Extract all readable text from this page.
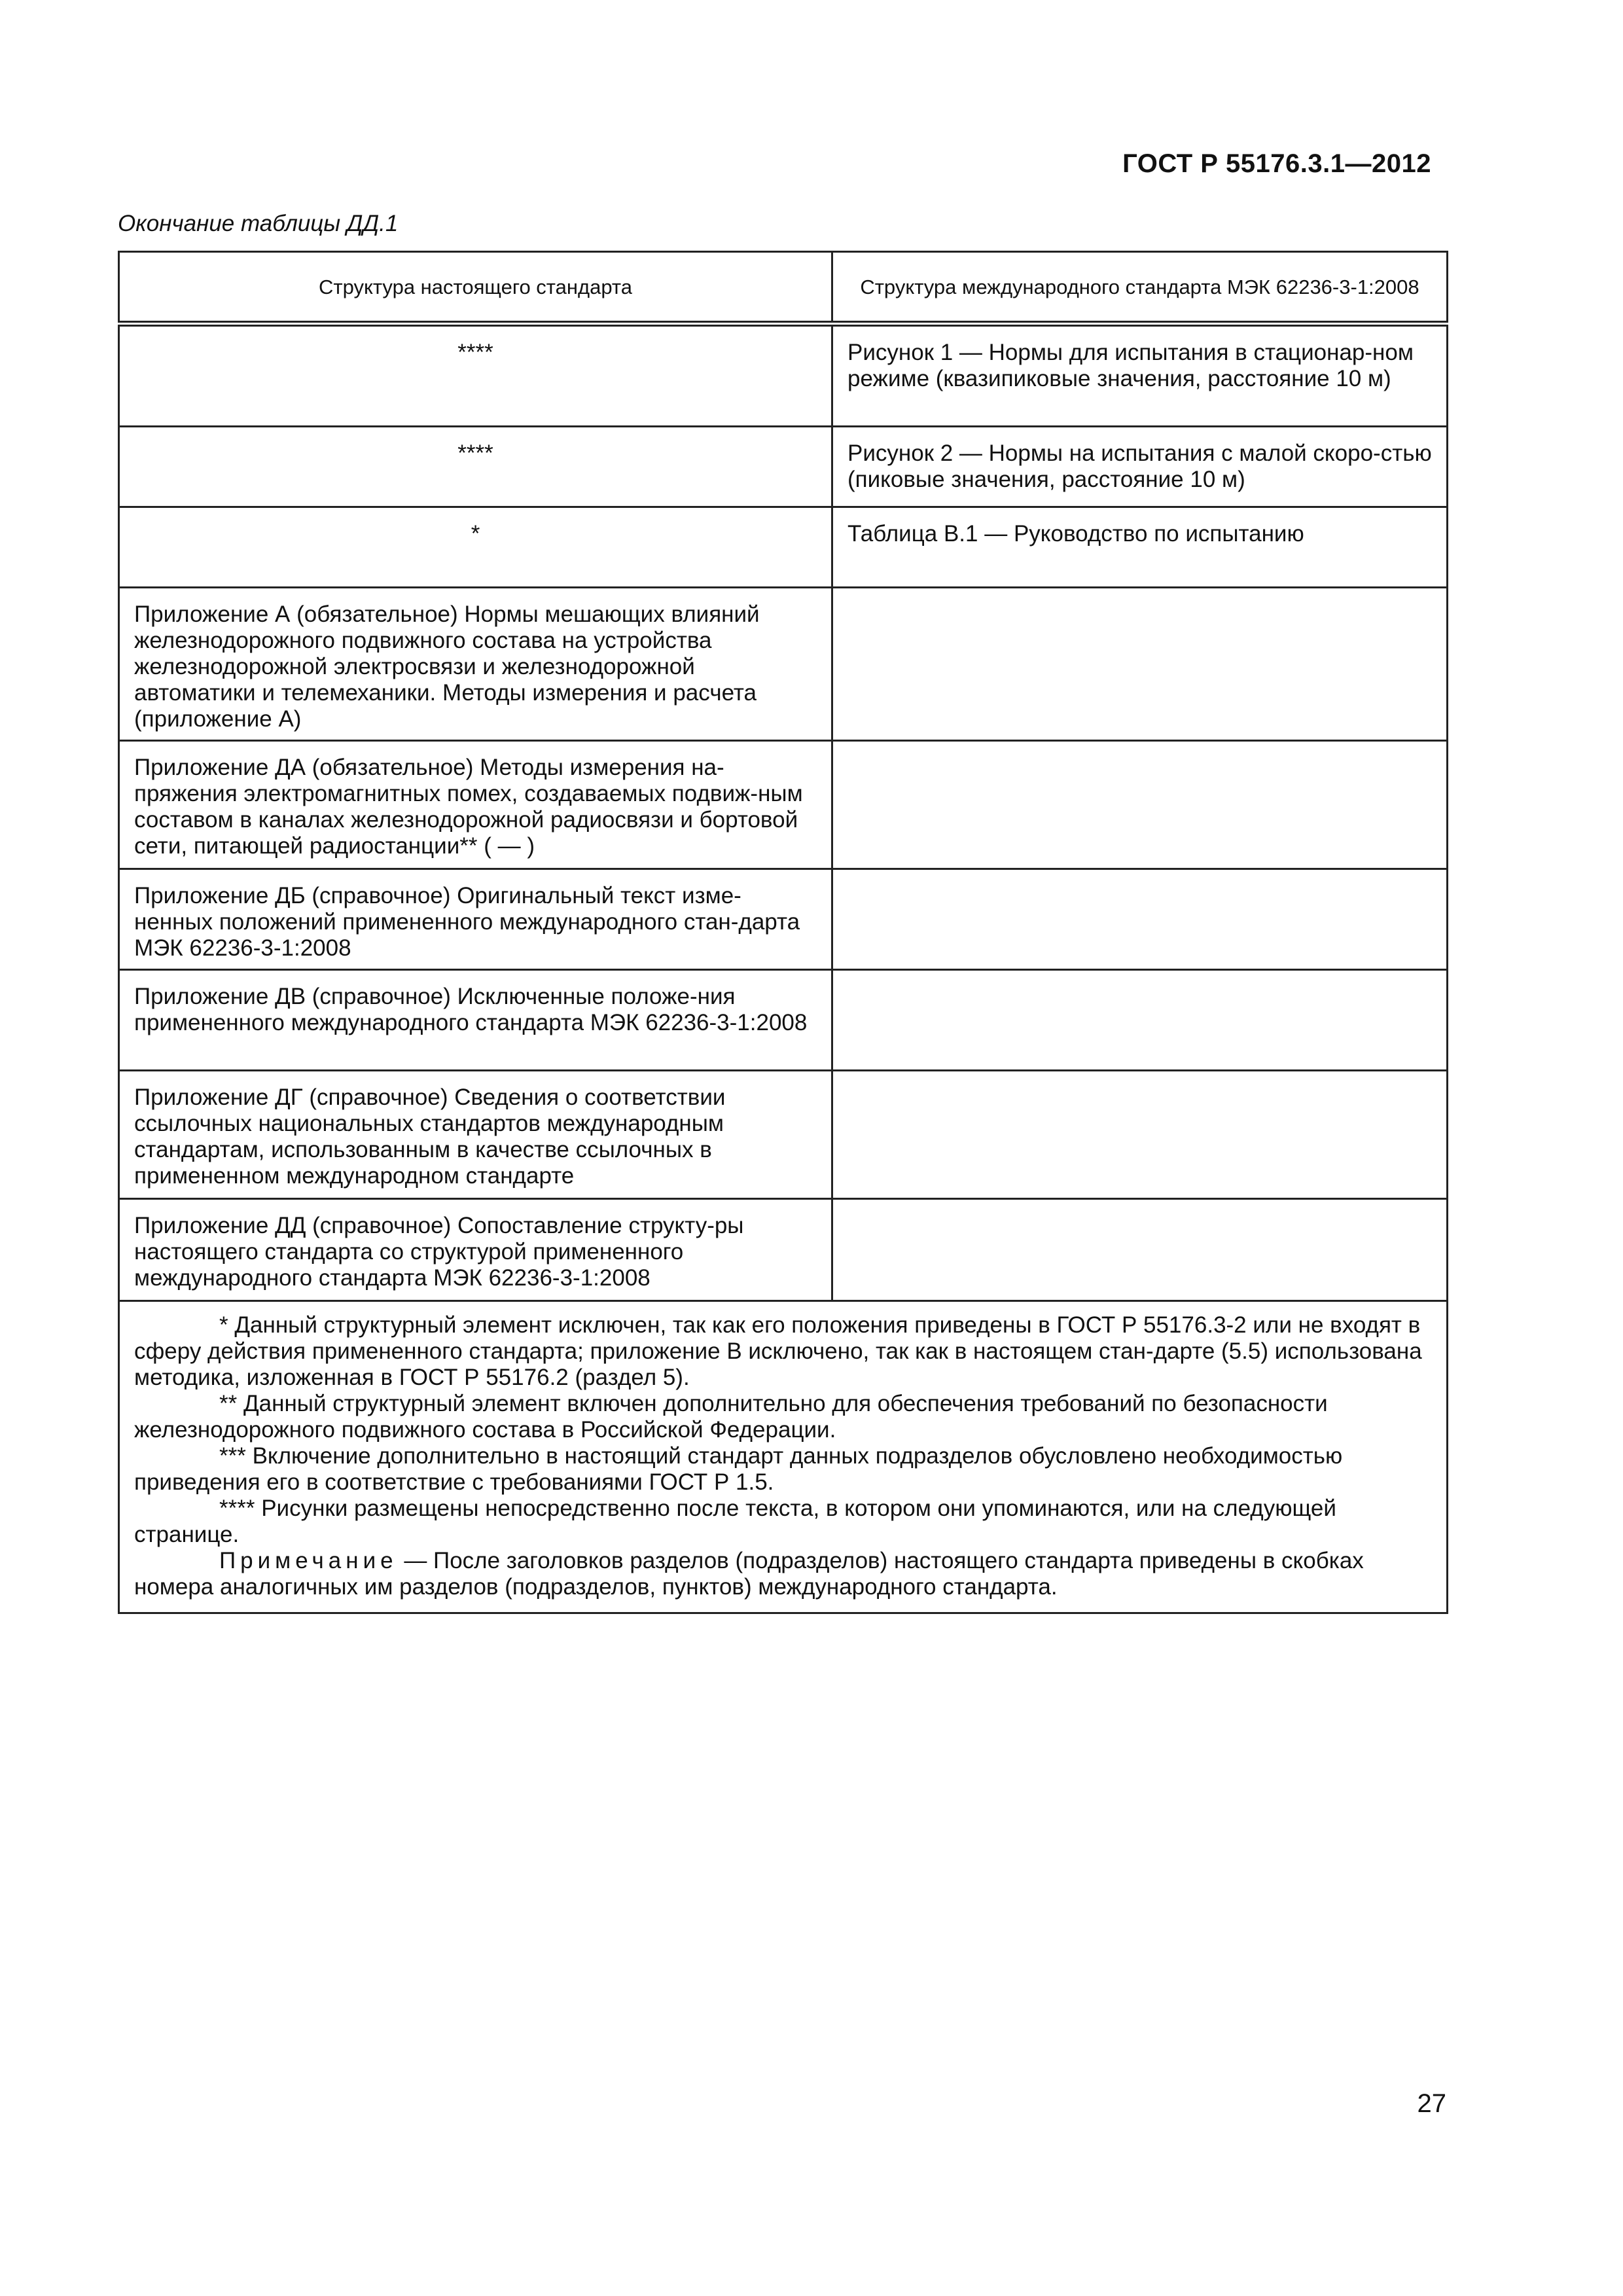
ГОСТ Р 55176.3.1—2012
Окончание таблицы ДД.1
Структура настоящего стандарта	Структура международного стандарта МЭК 62236-3-1:2008

****	Рисунок 1 — Нормы для испытания в стационар-ном режиме (квазипиковые значения, расстояние 10 м)

****	Рисунок 2 — Нормы на испытания с малой скоро-стью (пиковые значения, расстояние 10 м)

*	Таблица В.1 — Руководство по испытанию

Приложение А (обязательное) Нормы мешающих влияний железнодорожного подвижного состава на устройства железнодорожной электросвязи и железнодорожной автоматики и телемеханики. Методы измерения и расчета (приложение А)	

Приложение ДА (обязательное) Методы измерения на-пряжения электромагнитных помех, создаваемых подвиж-ным составом в каналах железнодорожной радиосвязи и бортовой сети, питающей радиостанции** ( — )	

Приложение ДБ (справочное) Оригинальный текст изме-ненных положений примененного международного стан-дарта МЭК 62236-3-1:2008	

Приложение ДВ (справочное) Исключенные положе-ния примененного международного стандарта МЭК 62236-3-1:2008	

Приложение ДГ (справочное) Сведения о соответствии ссылочных национальных стандартов международным стандартам, использованным в качестве ссылочных в примененном международном стандарте	

Приложение ДД (справочное) Сопоставление структу-ры настоящего стандарта со структурой примененного международного стандарта МЭК 62236-3-1:2008	

* Данный структурный элемент исключен, так как его положения приведены в ГОСТ Р 55176.3-2 или не входят в сферу действия примененного стандарта; приложение В исключено, так как в настоящем стан-дарте (5.5) использована методика, изложенная в ГОСТ Р 55176.2 (раздел 5).

** Данный структурный элемент включен дополнительно для обеспечения требований по безопасности железнодорожного подвижного состава в Российской Федерации.

*** Включение дополнительно в настоящий стандарт данных подразделов обусловлено необходимостью приведения его в соответствие с требованиями ГОСТ Р 1.5.

**** Рисунки размещены непосредственно после текста, в котором они упоминаются, или на следующей странице.

Примечание — После заголовков разделов (подразделов) настоящего стандарта приведены в скобках номера аналогичных им разделов (подразделов, пунктов) международного стандарта.	

27
